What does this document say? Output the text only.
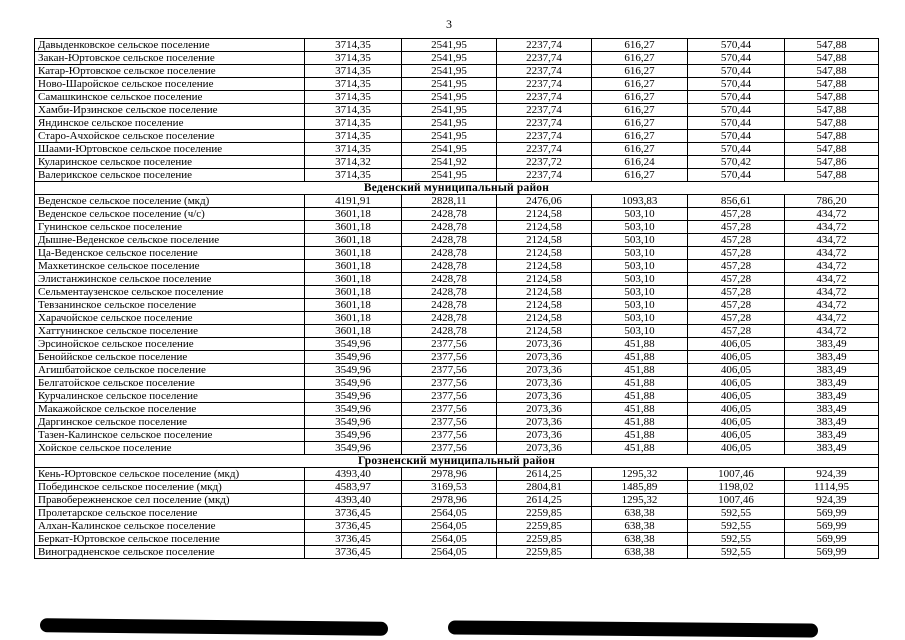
3
Давыденковское сельское поселение	3714,35	2541,95	2237,74	616,27	570,44	547,88
Закан-Юртовское сельское поселение	3714,35	2541,95	2237,74	616,27	570,44	547,88
Катар-Юртовское сельское поселение	3714,35	2541,95	2237,74	616,27	570,44	547,88
Ново-Шаройское сельское поселение	3714,35	2541,95	2237,74	616,27	570,44	547,88
Самашкинское сельское поселение	3714,35	2541,95	2237,74	616,27	570,44	547,88
Хамби-Ирзинское сельское поселение	3714,35	2541,95	2237,74	616,27	570,44	547,88
Яндинское сельское поселение	3714,35	2541,95	2237,74	616,27	570,44	547,88
Старо-Ачхойское сельское поселение	3714,35	2541,95	2237,74	616,27	570,44	547,88
Шаами-Юртовское сельское поселение	3714,35	2541,95	2237,74	616,27	570,44	547,88
Куларинское сельское поселение	3714,32	2541,92	2237,72	616,24	570,42	547,86
Валерикское сельское поселение	3714,35	2541,95	2237,74	616,27	570,44	547,88
Веденский муниципальный район						
Веденское сельское поселение (мкд)	4191,91	2828,11	2476,06	1093,83	856,61	786,20
Веденское сельское поселение (ч/с)	3601,18	2428,78	2124,58	503,10	457,28	434,72
Гунинское сельское поселение	3601,18	2428,78	2124,58	503,10	457,28	434,72
Дышне-Веденское сельское поселение	3601,18	2428,78	2124,58	503,10	457,28	434,72
Ца-Веденское сельское поселение	3601,18	2428,78	2124,58	503,10	457,28	434,72
Махкетинское сельское поселение	3601,18	2428,78	2124,58	503,10	457,28	434,72
Элистанжинское сельское поселение	3601,18	2428,78	2124,58	503,10	457,28	434,72
Сельментаузенское сельское поселение	3601,18	2428,78	2124,58	503,10	457,28	434,72
Тевзанинское сельское поселение	3601,18	2428,78	2124,58	503,10	457,28	434,72
Харачойское сельское поселение	3601,18	2428,78	2124,58	503,10	457,28	434,72
Хаттунинское сельское поселение	3601,18	2428,78	2124,58	503,10	457,28	434,72
Эрсинойское сельское поселение	3549,96	2377,56	2073,36	451,88	406,05	383,49
Беноййское сельское поселение	3549,96	2377,56	2073,36	451,88	406,05	383,49
Агишбатойское сельское поселение	3549,96	2377,56	2073,36	451,88	406,05	383,49
Белгатойское сельское поселение	3549,96	2377,56	2073,36	451,88	406,05	383,49
Курчалинское сельское поселение	3549,96	2377,56	2073,36	451,88	406,05	383,49
Макажойское сельское поселение	3549,96	2377,56	2073,36	451,88	406,05	383,49
Даргинское сельское поселение	3549,96	2377,56	2073,36	451,88	406,05	383,49
Тазен-Калинское сельское поселение	3549,96	2377,56	2073,36	451,88	406,05	383,49
Хойское сельское поселение	3549,96	2377,56	2073,36	451,88	406,05	383,49
Грозненский муниципальный район						
Кень-Юртовское сельское поселение (мкд)	4393,40	2978,96	2614,25	1295,32	1007,46	924,39
Побединское сельское поселение (мкд)	4583,97	3169,53	2804,81	1485,89	1198,02	1114,95
Правобережненское сел поселение (мкд)	4393,40	2978,96	2614,25	1295,32	1007,46	924,39
Пролетарское сельское поселение	3736,45	2564,05	2259,85	638,38	592,55	569,99
Алхан-Калинское сельское поселение	3736,45	2564,05	2259,85	638,38	592,55	569,99
Беркат-Юртовское сельское поселение	3736,45	2564,05	2259,85	638,38	592,55	569,99
Виноградненское сельское поселение	3736,45	2564,05	2259,85	638,38	592,55	569,99
